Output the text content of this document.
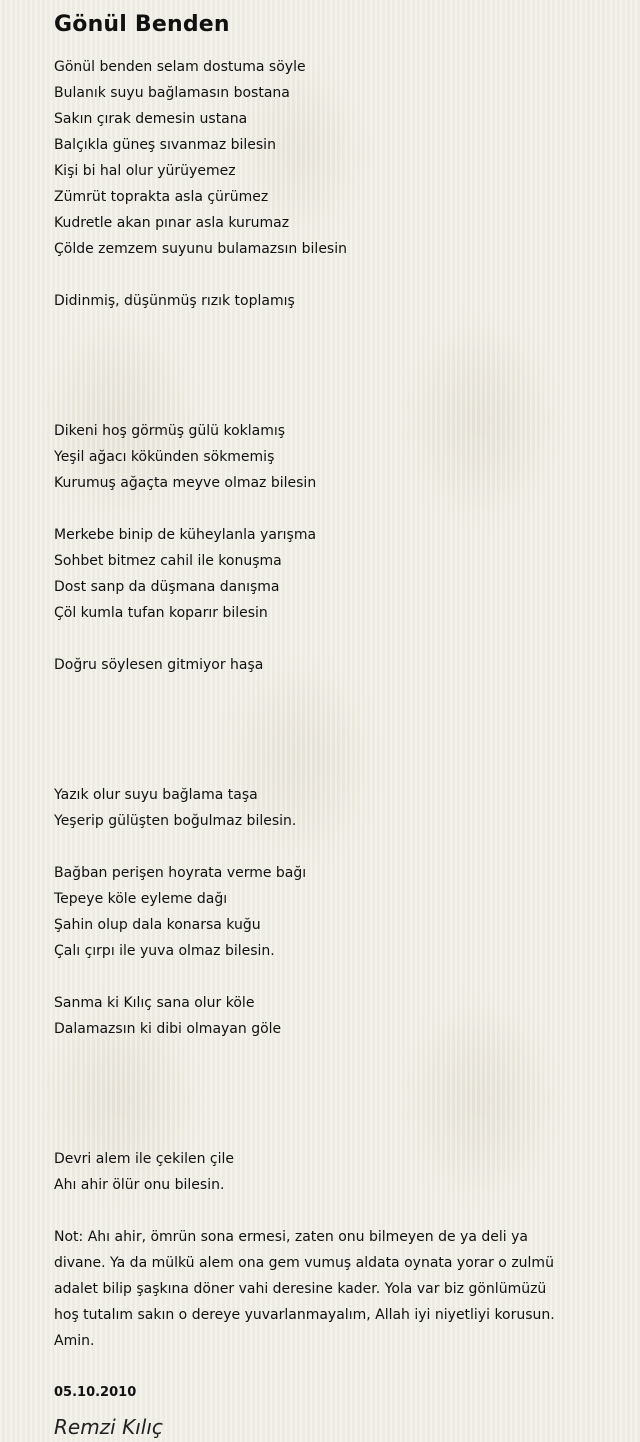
Gönül Benden
Gönül benden selam dostuma söyle
Bulanık suyu bağlamasın bostana
Sakın çırak demesin ustana
Balçıkla güneş sıvanmaz bilesin
Kişi bi hal olur yürüyemez
Zümrüt toprakta asla çürümez
Kudretle akan pınar asla kurumaz
Çölde zemzem suyunu bulamazsın bilesin
Didinmiş, düşünmüş rızık toplamış
Dikeni hoş görmüş gülü koklamış
Yeşil ağacı kökünden sökmemiş
Kurumuş ağaçta meyve olmaz bilesin
Merkebe binip de küheylanla yarışma
Sohbet bitmez cahil ile konuşma
Dost sanp da düşmana danışma
Çöl kumla tufan koparır bilesin
Doğru söylesen gitmiyor haşa
Yazık olur suyu bağlama taşa
Yeşerip gülüşten boğulmaz bilesin.
Bağban perişen hoyrata verme bağı
Tepeye köle eyleme dağı
Şahin olup dala konarsa kuğu
Çalı çırpı ile yuva olmaz bilesin.
Sanma ki Kılıç sana olur köle
Dalamazsın ki dibi olmayan göle
Devri alem ile çekilen çile
Ahı ahir ölür onu bilesin.

Not: Ahı ahir, ömrün sona ermesi, zaten onu bilmeyen de ya deli ya divane. Ya da mülkü alem ona gem vumuş aldata oynata yorar o zulmü adalet bilip şaşkına döner vahi deresine kader. Yola var biz gönlümüzü hoş tutalım sakın o dereye yuvarlanmayalım, Allah iyi niyetliyi korusun. Amin.

05.10.2010
Remzi Kılıç
